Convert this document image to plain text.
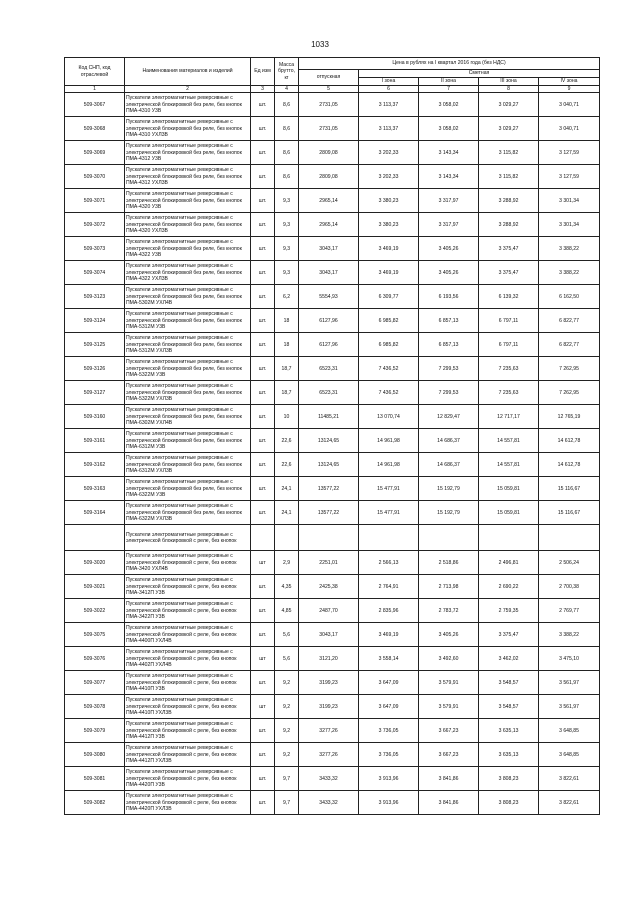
1033
Код СНП, код отраслевой	Наименования материалов и изделий	Ед изм	Масса брутто, кг	Цена в рублях на I квартал 2016 года (без НДС)				
				отпускная	Сметная			
					I зона	II зона	III зона	IV зона
1	2	3	4	5	6	7	8	9
509-3067	Пускатели электромагнитные реверсивные с электрической блокировкой без реле, без кнопок ПМА-4310 У3В	шт.	8,6	2731,05	3 113,37	3 058,02	3 029,27	3 040,71
509-3068	Пускатели электромагнитные реверсивные с электрической блокировкой без реле, без кнопок ПМА-4310 УХЛ3В	шт.	8,6	2731,05	3 113,37	3 058,02	3 029,27	3 040,71
509-3069	Пускатели электромагнитные реверсивные с электрической блокировкой без реле, без кнопок ПМА-4312 У3В	шт.	8,6	2809,08	3 202,33	3 143,34	3 115,82	3 127,59
509-3070	Пускатели электромагнитные реверсивные с электрической блокировкой без реле, без кнопок ПМА-4312 УХЛ3В	шт.	8,6	2809,08	3 202,33	3 143,34	3 115,82	3 127,59
509-3071	Пускатели электромагнитные реверсивные с электрической блокировкой без реле, без кнопок ПМА-4320 У3В	шт.	9,3	2965,14	3 380,23	3 317,97	3 288,92	3 301,34
509-3072	Пускатели электромагнитные реверсивные с электрической блокировкой без реле, без кнопок ПМА-4320 УХЛ3В	шт.	9,3	2965,14	3 380,23	3 317,97	3 288,92	3 301,34
509-3073	Пускатели электромагнитные реверсивные с электрической блокировкой без реле, без кнопок ПМА-4322 У3В	шт.	9,3	3043,17	3 469,19	3 405,26	3 375,47	3 388,22
509-3074	Пускатели электромагнитные реверсивные с электрической блокировкой без реле, без кнопок ПМА-4322 УХЛ3В	шт.	9,3	3043,17	3 469,19	3 405,26	3 375,47	3 388,22
509-3123	Пускатели электромагнитные реверсивные с электрической блокировкой без реле, без кнопок ПМА-5302М УХЛ4В	шт.	6,2	5554,93	6 309,77	6 193,56	6 139,32	6 162,50
509-3124	Пускатели электромагнитные реверсивные с электрической блокировкой без реле, без кнопок ПМА-5312М У3В	шт.	18	6127,96	6 985,82	6 857,13	6 797,11	6 822,77
509-3125	Пускатели электромагнитные реверсивные с электрической блокировкой без реле, без кнопок ПМА-5312М УХЛ3В	шт.	18	6127,96	6 985,82	6 857,13	6 797,11	6 822,77
509-3126	Пускатели электромагнитные реверсивные с электрической блокировкой без реле, без кнопок ПМА-5322М У3В	шт.	18,7	6523,31	7 436,52	7 299,53	7 235,63	7 262,95
509-3127	Пускатели электромагнитные реверсивные с электрической блокировкой без реле, без кнопок ПМА-5322М УХЛ3В	шт.	18,7	6523,31	7 436,52	7 299,53	7 235,63	7 262,95
509-3160	Пускатели электромагнитные реверсивные с электрической блокировкой без реле, без кнопок ПМА-6302М УХЛ4В	шт.	10	11485,21	13 070,74	12 829,47	12 717,17	12 765,19
509-3161	Пускатели электромагнитные реверсивные с электрической блокировкой без реле, без кнопок ПМА-6312М У3В	шт.	22,6	13124,65	14 961,98	14 686,37	14 557,81	14 612,78
509-3162	Пускатели электромагнитные реверсивные с электрической блокировкой без реле, без кнопок ПМА-6312М УХЛ3В	шт.	22,6	13124,65	14 961,98	14 686,37	14 557,81	14 612,78
509-3163	Пускатели электромагнитные реверсивные с электрической блокировкой без реле, без кнопок ПМА-6322М У3В	шт.	24,1	13577,22	15 477,91	15 192,79	15 059,81	15 116,67
509-3164	Пускатели электромагнитные реверсивные с электрической блокировкой без реле, без кнопок ПМА-6322М УХЛ3В	шт.	24,1	13577,22	15 477,91	15 192,79	15 059,81	15 116,67
	Пускатели электромагнитные реверсивные с электрической блокировкой с реле, без кнопок							
509-3020	Пускатели электромагнитные реверсивные с электрической блокировкой с реле, без кнопок ПМА-3420 УХЛ4В	шт	2,9	2251,01	2 566,13	2 518,86	2 496,81	2 506,24
509-3021	Пускатели электромагнитные реверсивные с электрической блокировкой с реле, без кнопок ПМА-3412П У3В	шт.	4,35	2425,38	2 764,91	2 713,98	2 690,22	2 700,38
509-3022	Пускатели электромагнитные реверсивные с электрической блокировкой с реле, без кнопок ПМА-3422П У3В	шт.	4,85	2487,70	2 835,96	2 783,72	2 759,35	2 769,77
509-3075	Пускатели электромагнитные реверсивные с электрической блокировкой с реле, без кнопок ПМА-4400П УХЛ4В	шт.	5,6	3043,17	3 469,19	3 405,26	3 375,47	3 388,22
509-3076	Пускатели электромагнитные реверсивные с электрической блокировкой с реле, без кнопок ПМА-4402П УХЛ4В	шт	5,6	3121,20	3 558,14	3 492,60	3 462,02	3 475,10
509-3077	Пускатели электромагнитные реверсивные с электрической блокировкой с реле, без кнопок ПМА-4410П У3В	шт.	9,2	3199,23	3 647,09	3 579,91	3 548,57	3 561,97
509-3078	Пускатели электромагнитные реверсивные с электрической блокировкой с реле, без кнопок ПМА-4410П УХЛ3В	шт	9,2	3199,23	3 647,09	3 579,91	3 548,57	3 561,97
509-3079	Пускатели электромагнитные реверсивные с электрической блокировкой с реле, без кнопок ПМА-4412П У3В	шт.	9,2	3277,26	3 736,05	3 667,23	3 635,13	3 648,85
509-3080	Пускатели электромагнитные реверсивные с электрической блокировкой с реле, без кнопок ПМА-4412П УХЛ3В	шт.	9,2	3277,26	3 736,05	3 667,23	3 635,13	3 648,85
509-3081	Пускатели электромагнитные реверсивные с электрической блокировкой с реле, без кнопок ПМА-4420П У3В	шт.	9,7	3433,32	3 913,96	3 841,86	3 808,23	3 822,61
509-3082	Пускатели электромагнитные реверсивные с электрической блокировкой с реле, без кнопок ПМА-4420П УХЛ3В	шт.	9,7	3433,32	3 913,96	3 841,86	3 808,23	3 822,61
